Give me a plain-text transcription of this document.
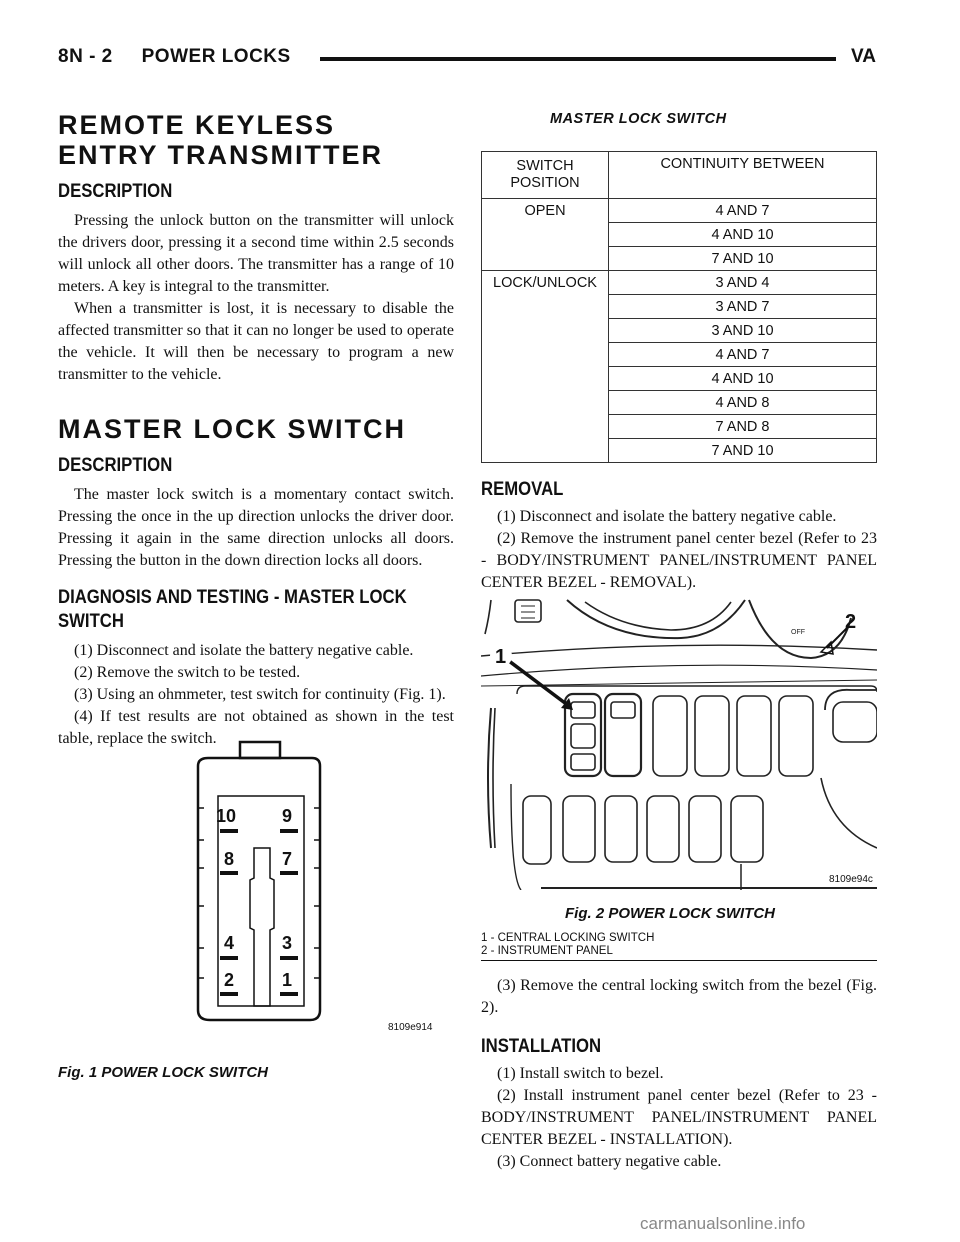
8N - 2     POWER LOCKS	VA
REMOTE KEYLESS ENTRY TRANSMITTER
DESCRIPTION

Pressing the unlock button on the transmitter will unlock the drivers door, pressing it a second time within 2.5 seconds will unlock all other doors. The transmitter has a range of 10 meters. A key is integral to the transmitter.

When a transmitter is lost, it is necessary to disable the affected transmitter so that it can no longer be used to operate the vehicle. It will then be necessary to program a new transmitter to the vehicle.

MASTER LOCK SWITCH
DESCRIPTION

The master lock switch is a momentary contact switch. Pressing the once in the up direction unlocks the driver door. Pressing it again in the same direction unlocks all doors. Pressing the button in the down direction locks all doors.

DIAGNOSIS AND TESTING - MASTER LOCK SWITCH

(1) Disconnect and isolate the battery negative cable.

(2) Remove the switch to be tested.

(3) Using an ohmmeter, test switch for continuity (Fig. 1).

(4) If test results are not obtained as shown in the test table, replace the switch.

10	9
8	7
4	3
2	1
8109e914
Fig. 1 POWER LOCK SWITCH
MASTER LOCK SWITCH
SWITCH POSITION	CONTINUITY BETWEEN
OPEN	4 AND 7
	4 AND 10
	7 AND 10
LOCK/UNLOCK	3 AND 4
	3 AND 7
	3 AND 10
	4 AND 7
	4 AND 10
	4 AND 8
	7 AND 8
	7 AND 10
REMOVAL

(1) Disconnect and isolate the battery negative cable.

(2) Remove the instrument panel center bezel (Refer to 23 - BODY/INSTRUMENT PANEL/INSTRUMENT PANEL CENTER BEZEL - REMOVAL).

OFF
1
2
8109e94c
Fig. 2 POWER LOCK SWITCH
1 - CENTRAL LOCKING SWITCH
2 - INSTRUMENT PANEL

(3) Remove the central locking switch from the bezel (Fig. 2).

INSTALLATION

(1) Install switch to bezel.

(2) Install instrument panel center bezel (Refer to 23 - BODY/INSTRUMENT PANEL/INSTRUMENT PANEL CENTER BEZEL - INSTALLATION).

(3) Connect battery negative cable.

carmanualsonline.info
